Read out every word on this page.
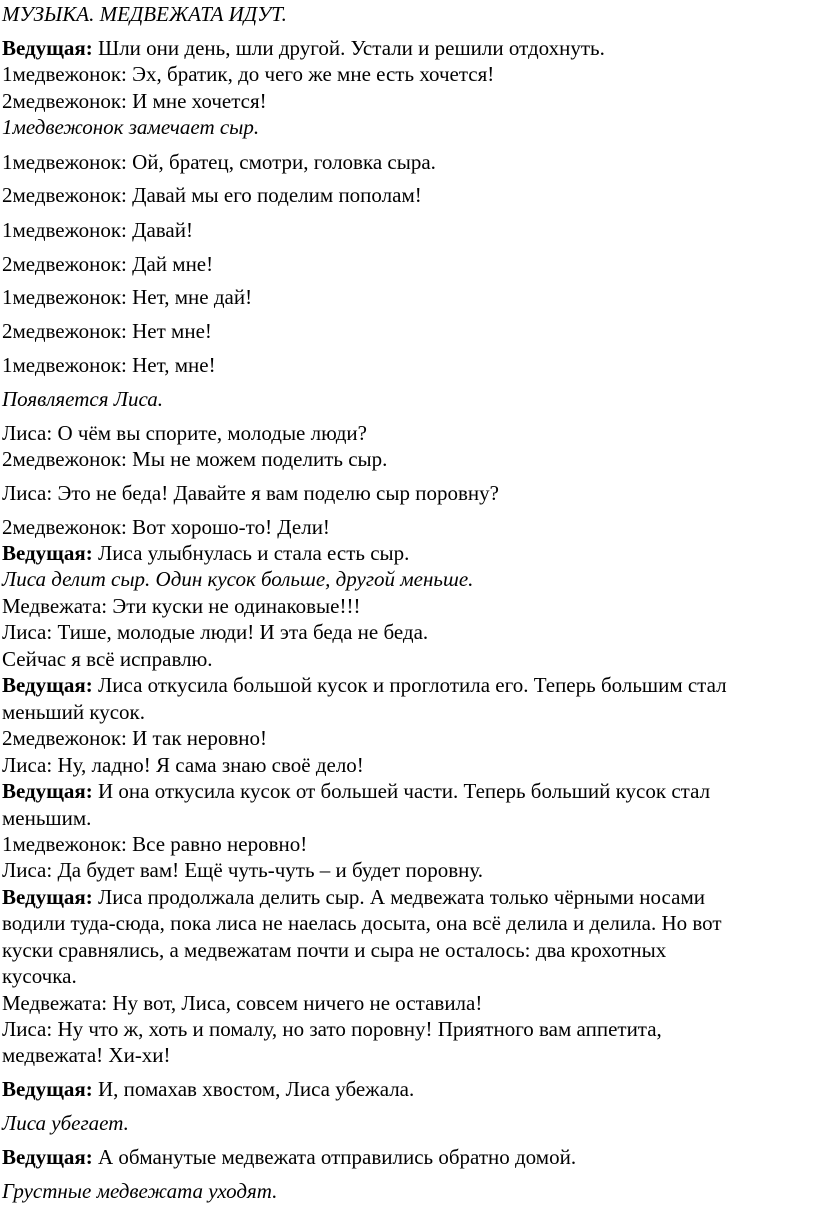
МУЗЫКА. МЕДВЕЖАТА ИДУТ.
Ведущая: Шли они день, шли другой. Устали и решили отдохнуть.
1медвежонок: Эх, братик, до чего же мне есть хочется!
2медвежонок: И мне хочется!
1медвежонок замечает сыр.
1медвежонок: Ой, братец, смотри, головка сыра.
2медвежонок: Давай мы его поделим пополам!
1медвежонок: Давай!
2медвежонок: Дай мне!
1медвежонок: Нет, мне дай!
2медвежонок: Нет мне!
1медвежонок: Нет, мне!
Появляется Лиса.
Лиса: О чём вы спорите, молодые люди?
2медвежонок: Мы не можем поделить сыр.
Лиса: Это не беда! Давайте я вам поделю сыр поровну?
2медвежонок: Вот хорошо-то! Дели!
Ведущая: Лиса улыбнулась и стала есть сыр.
Лиса делит сыр. Один кусок больше, другой меньше.
Медвежата: Эти куски не одинаковые!!!
Лиса: Тише, молодые люди! И эта беда не беда.
Сейчас я всё исправлю.
Ведущая: Лиса откусила большой кусок и проглотила его. Теперь большим стал
меньший кусок.
2медвежонок: И так неровно!
Лиса: Ну, ладно! Я сама знаю своё дело!
Ведущая: И она откусила кусок от большей части. Теперь больший кусок стал
меньшим.
1медвежонок: Все равно неровно!
Лиса: Да будет вам! Ещё чуть-чуть – и будет поровну.
Ведущая: Лиса продолжала делить сыр. А медвежата только чёрными носами
водили туда-сюда, пока лиса не наелась досыта, она всё делила и делила. Но вот
куски сравнялись, а медвежатам почти и сыра не осталось: два крохотных
кусочка.
Медвежата: Ну вот, Лиса, совсем ничего не оставила!
Лиса: Ну что ж, хоть и помалу, но зато поровну! Приятного вам аппетита,
медвежата! Хи-хи!
Ведущая: И, помахав хвостом, Лиса убежала.
Лиса убегает.
Ведущая: А обманутые медвежата отправились обратно домой.
Грустные медвежата уходят.
